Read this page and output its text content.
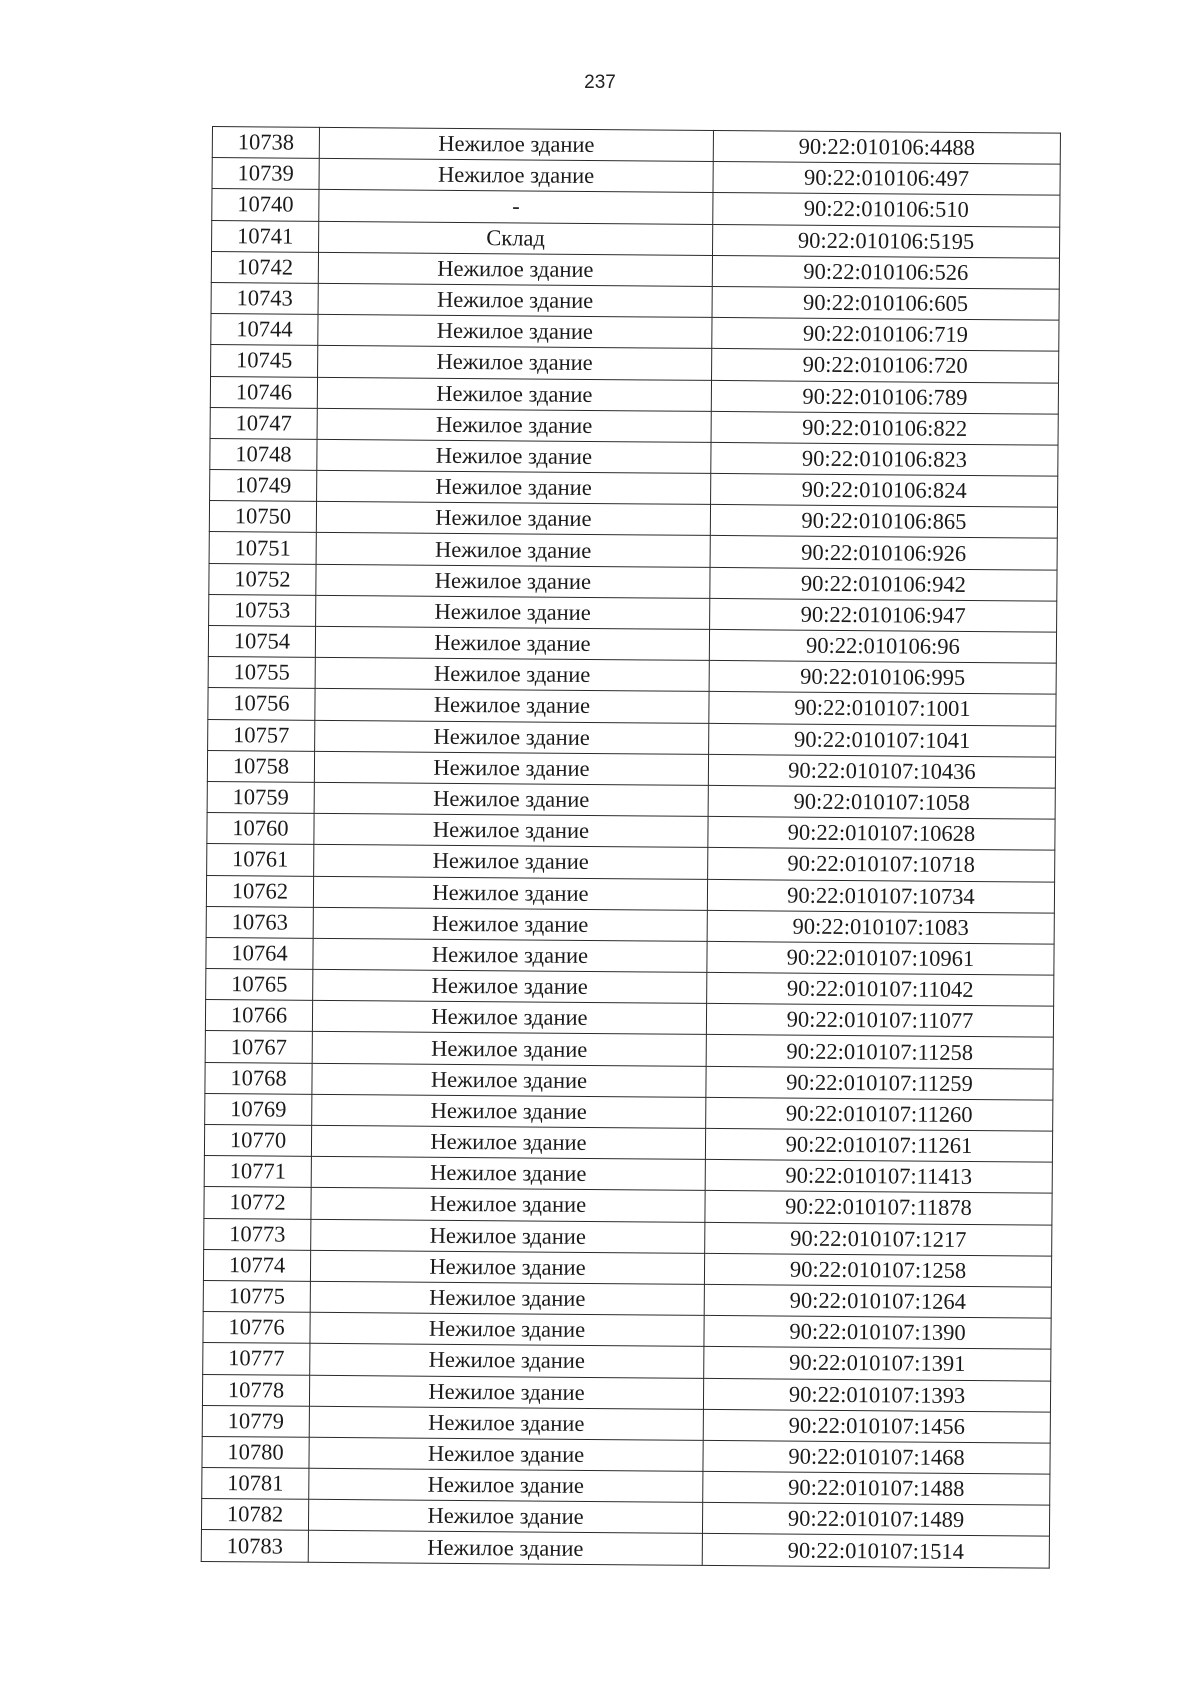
237
10738	Нежилое здание	90:22:010106:4488
10739	Нежилое здание	90:22:010106:497
10740	-	90:22:010106:510
10741	Склад	90:22:010106:5195
10742	Нежилое здание	90:22:010106:526
10743	Нежилое здание	90:22:010106:605
10744	Нежилое здание	90:22:010106:719
10745	Нежилое здание	90:22:010106:720
10746	Нежилое здание	90:22:010106:789
10747	Нежилое здание	90:22:010106:822
10748	Нежилое здание	90:22:010106:823
10749	Нежилое здание	90:22:010106:824
10750	Нежилое здание	90:22:010106:865
10751	Нежилое здание	90:22:010106:926
10752	Нежилое здание	90:22:010106:942
10753	Нежилое здание	90:22:010106:947
10754	Нежилое здание	90:22:010106:96
10755	Нежилое здание	90:22:010106:995
10756	Нежилое здание	90:22:010107:1001
10757	Нежилое здание	90:22:010107:1041
10758	Нежилое здание	90:22:010107:10436
10759	Нежилое здание	90:22:010107:1058
10760	Нежилое здание	90:22:010107:10628
10761	Нежилое здание	90:22:010107:10718
10762	Нежилое здание	90:22:010107:10734
10763	Нежилое здание	90:22:010107:1083
10764	Нежилое здание	90:22:010107:10961
10765	Нежилое здание	90:22:010107:11042
10766	Нежилое здание	90:22:010107:11077
10767	Нежилое здание	90:22:010107:11258
10768	Нежилое здание	90:22:010107:11259
10769	Нежилое здание	90:22:010107:11260
10770	Нежилое здание	90:22:010107:11261
10771	Нежилое здание	90:22:010107:11413
10772	Нежилое здание	90:22:010107:11878
10773	Нежилое здание	90:22:010107:1217
10774	Нежилое здание	90:22:010107:1258
10775	Нежилое здание	90:22:010107:1264
10776	Нежилое здание	90:22:010107:1390
10777	Нежилое здание	90:22:010107:1391
10778	Нежилое здание	90:22:010107:1393
10779	Нежилое здание	90:22:010107:1456
10780	Нежилое здание	90:22:010107:1468
10781	Нежилое здание	90:22:010107:1488
10782	Нежилое здание	90:22:010107:1489
10783	Нежилое здание	90:22:010107:1514
